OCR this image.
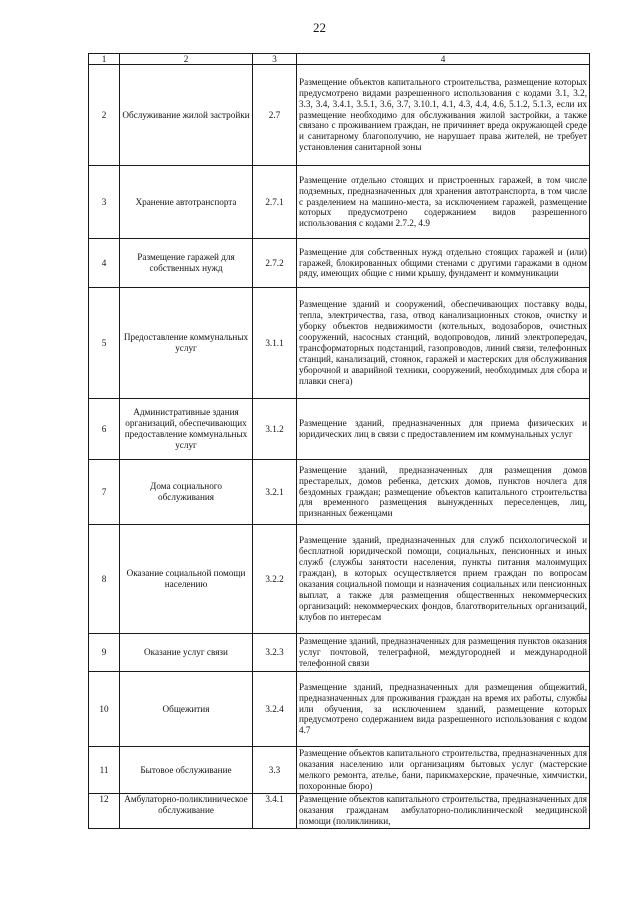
22
1	2	3	4
2	Обслуживание жилой застройки	2.7	Размещение объектов капитального строительства, размещение которых предусмотрено видами разрешенного использования с кодами 3.1, 3.2, 3.3, 3.4, 3.4.1, 3.5.1, 3.6, 3.7, 3.10.1, 4.1, 4.3, 4.4, 4.6, 5.1.2, 5.1.3, если их размещение необходимо для обслуживания жилой застройки, а также связано с проживанием граждан, не причиняет вреда окружающей среде и санитарному благополучию, не нарушает права жителей, не требует установления санитарной зоны
3	Хранение автотранспорта	2.7.1	Размещение отдельно стоящих и пристроенных гаражей, в том числе подземных, предназначенных для хранения автотранспорта, в том числе с разделением на машино-места, за исключением гаражей, размещение которых предусмотрено содержанием видов разрешенного использования с кодами 2.7.2, 4.9
4	Размещение гаражей для собственных нужд	2.7.2	Размещение для собственных нужд отдельно стоящих гаражей и (или) гаражей, блокированных общими стенами с другими гаражами в одном ряду, имеющих общие с ними крышу, фундамент и коммуникации
5	Предоставление коммунальных услуг	3.1.1	Размещение зданий и сооружений, обеспечивающих поставку воды, тепла, электричества, газа, отвод канализационных стоков, очистку и уборку объектов недвижимости (котельных, водозаборов, очистных сооружений, насосных станций, водопроводов, линий электропередач, трансформаторных подстанций, газопроводов, линий связи, телефонных станций, канализаций, стоянок, гаражей и мастерских для обслуживания уборочной и аварийной техники, сооружений, необходимых для сбора и плавки снега)
6	Административные здания организаций, обеспечивающих предоставление коммунальных услуг	3.1.2	Размещение зданий, предназначенных для приема физических и юридических лиц в связи с предоставлением им коммунальных услуг
7	Дома социального обслуживания	3.2.1	Размещение зданий, предназначенных для размещения домов престарелых, домов ребенка, детских домов, пунктов ночлега для бездомных граждан; размещение объектов капитального строительства для временного размещения вынужденных переселенцев, лиц, признанных беженцами
8	Оказание социальной помощи населению	3.2.2	Размещение зданий, предназначенных для служб психологической и бесплатной юридической помощи, социальных, пенсионных и иных служб (службы занятости населения, пункты питания малоимущих граждан), в которых осуществляется прием граждан по вопросам оказания социальной помощи и назначения социальных или пенсионных выплат, а также для размещения общественных некоммерческих организаций: некоммерческих фондов, благотворительных организаций, клубов по интересам
9	Оказание услуг связи	3.2.3	Размещение зданий, предназначенных для размещения пунктов оказания услуг почтовой, телеграфной, междугородней и международной телефонной связи
10	Общежития	3.2.4	Размещение зданий, предназначенных для размещения общежитий, предназначенных для проживания граждан на время их работы, службы или обучения, за исключением зданий, размещение которых предусмотрено содержанием вида разрешенного использования с кодом 4.7
11	Бытовое обслуживание	3.3	Размещение объектов капитального строительства, предназначенных для оказания населению или организациям бытовых услуг (мастерские мелкого ремонта, ателье, бани, парикмахерские, прачечные, химчистки, похоронные бюро)
12	Амбулаторно-поликлиническое обслуживание	3.4.1	Размещение объектов капитального строительства, предназначенных для оказания гражданам амбулаторно-поликлинической медицинской помощи (поликлиники,
